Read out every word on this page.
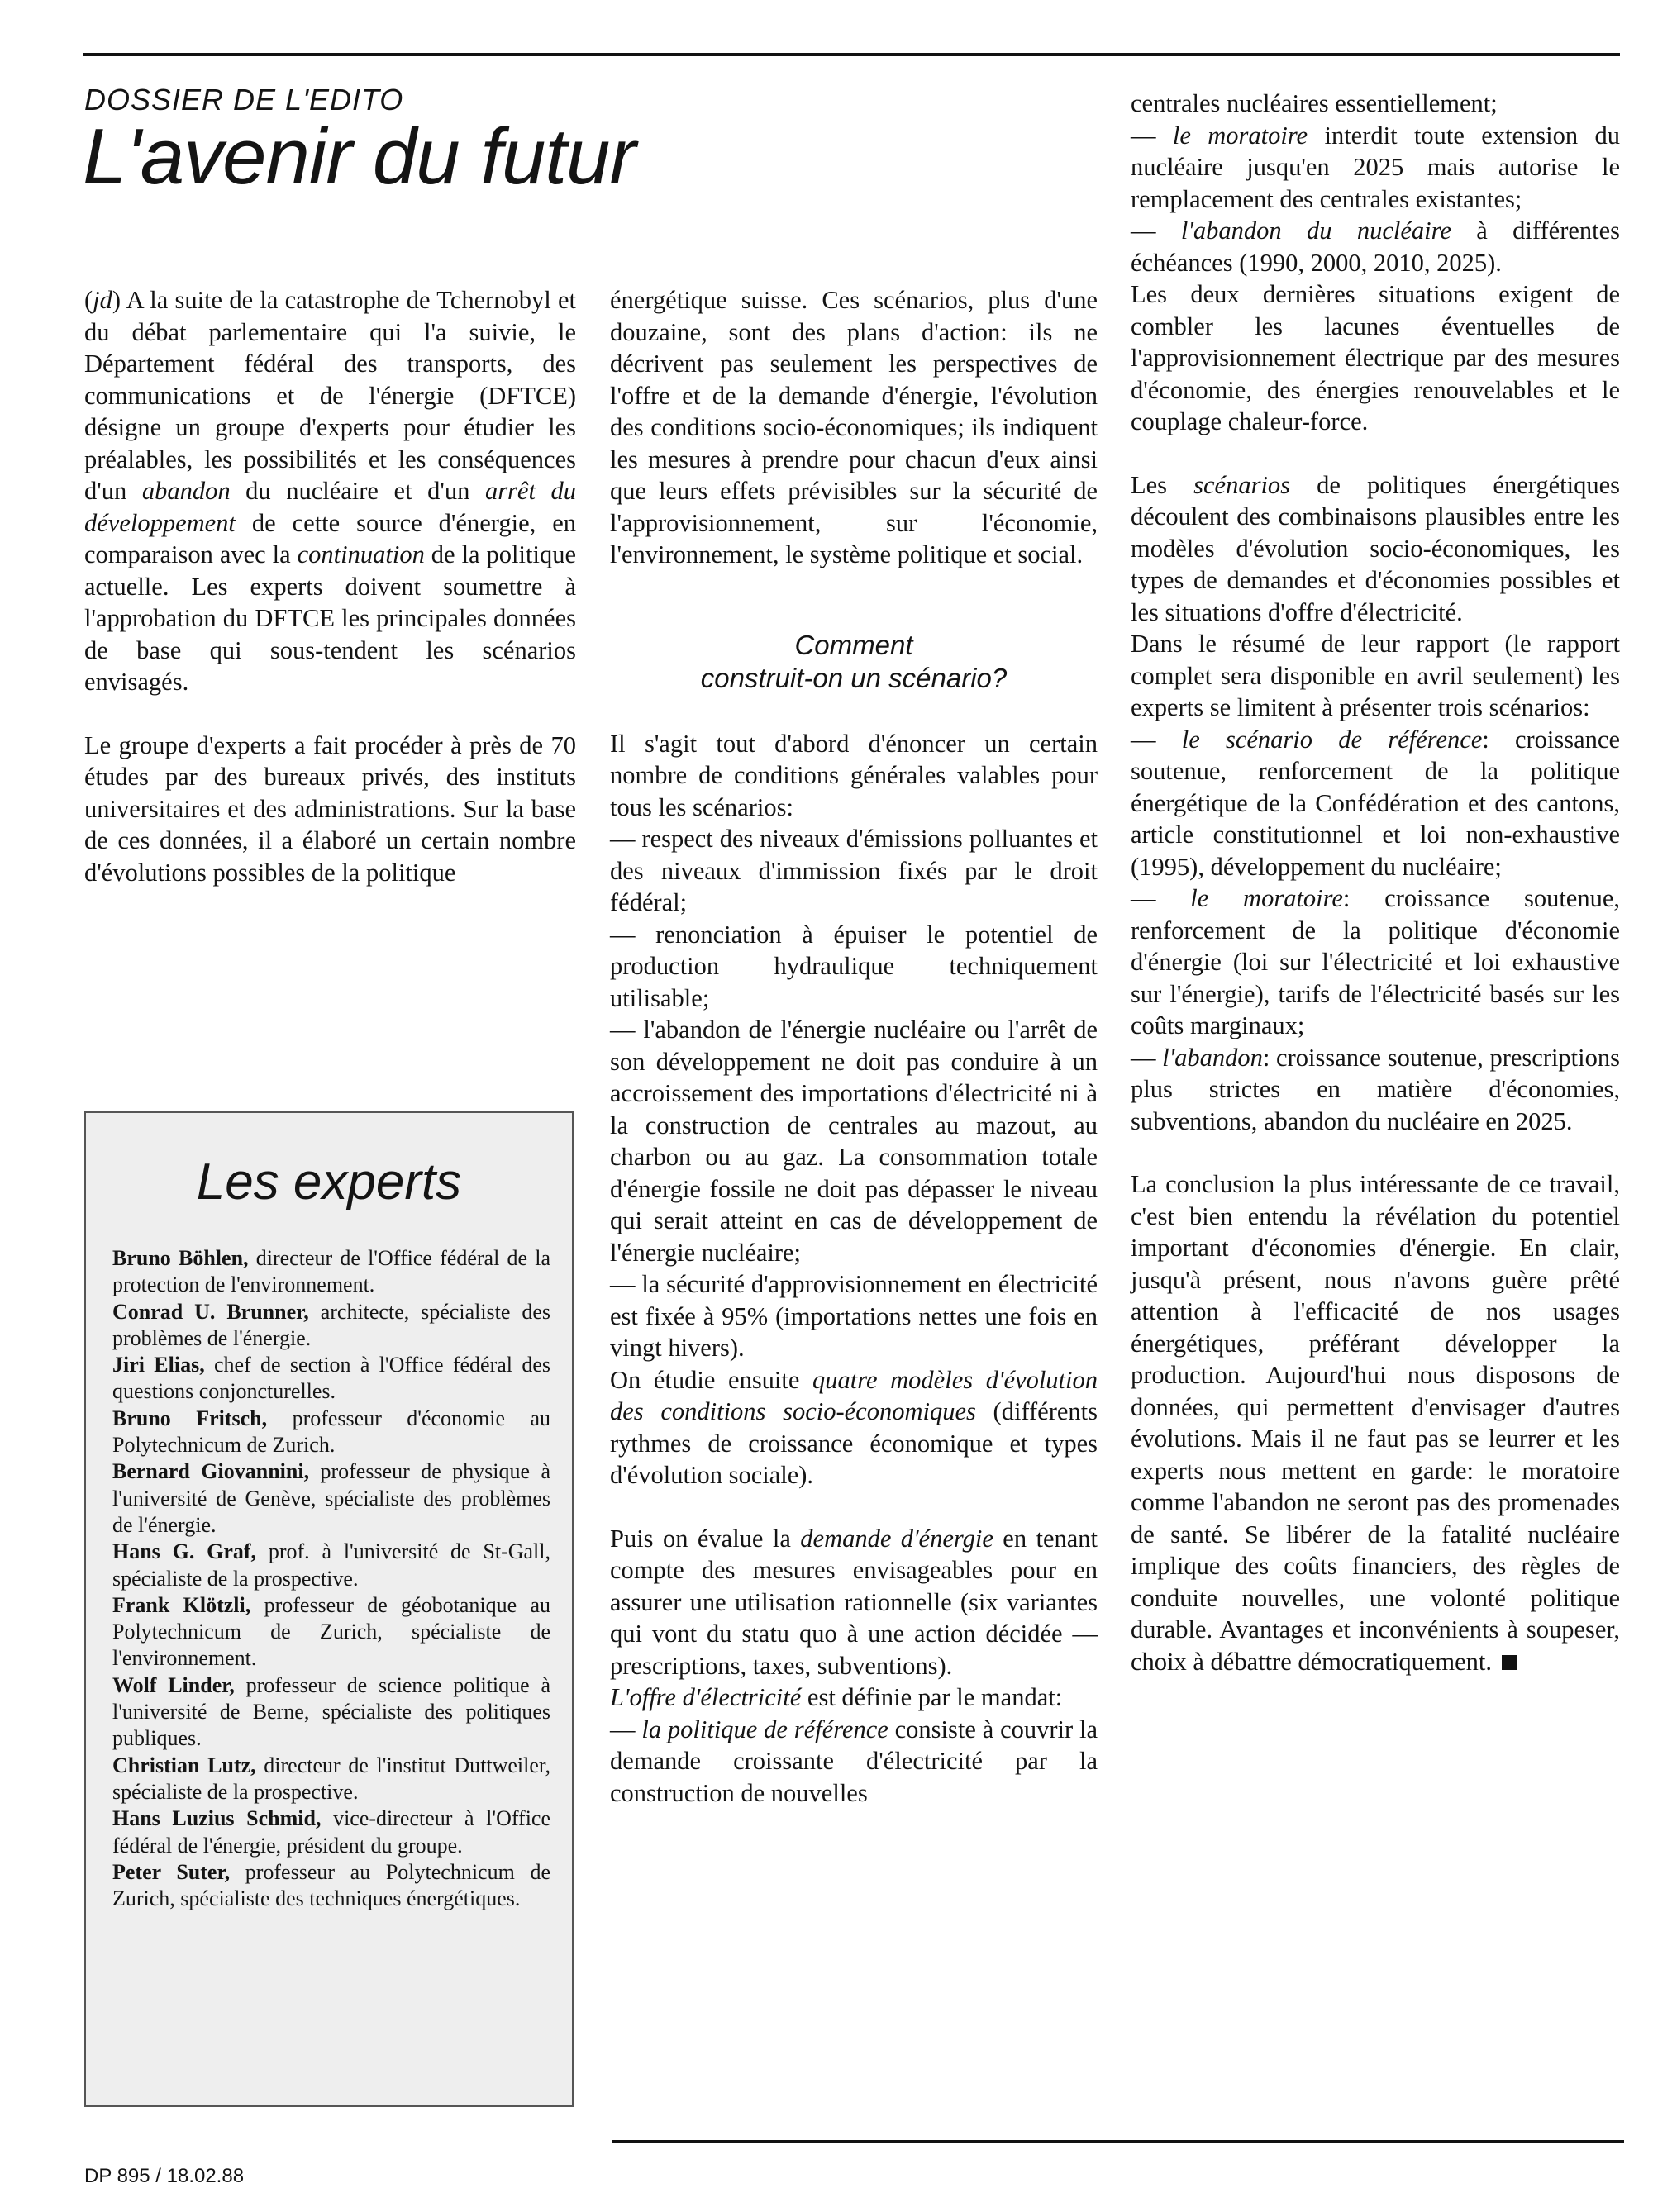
DOSSIER DE L'EDITO
L'avenir du futur

(jd) A la suite de la catastrophe de Tchernobyl et du débat parlementaire qui l'a suivie, le Département fédéral des transports, des communications et de l'énergie (DFTCE) désigne un groupe d'experts pour étudier les préalables, les possibilités et les conséquences d'un abandon du nucléaire et d'un arrêt du développement de cette source d'énergie, en comparaison avec la continuation de la politique actuelle. Les experts doivent soumettre à l'approbation du DFTCE les principales données de base qui sous-tendent les scénarios envisagés.

Le groupe d'experts a fait procéder à près de 70 études par des bureaux privés, des instituts universitaires et des administrations. Sur la base de ces données, il a élaboré un certain nombre d'évolutions possibles de la politique

énergétique suisse. Ces scénarios, plus d'une douzaine, sont des plans d'action: ils ne décrivent pas seulement les perspectives de l'offre et de la demande d'énergie, l'évolution des conditions socio-économiques; ils indiquent les mesures à prendre pour chacun d'eux ainsi que leurs effets prévisibles sur la sécurité de l'approvisionnement, sur l'économie, l'environnement, le système politique et social.

Comment
construit-on un scénario?

Il s'agit tout d'abord d'énoncer un certain nombre de conditions générales valables pour tous les scénarios:

— respect des niveaux d'émissions polluantes et des niveaux d'immission fixés par le droit fédéral;

— renonciation à épuiser le potentiel de production hydraulique techniquement utilisable;

— l'abandon de l'énergie nucléaire ou l'arrêt de son développement ne doit pas conduire à un accroissement des importations d'électricité ni à la construction de centrales au mazout, au charbon ou au gaz. La consommation totale d'énergie fossile ne doit pas dépasser le niveau qui serait atteint en cas de développement de l'énergie nucléaire;

— la sécurité d'approvisionnement en électricité est fixée à 95% (importations nettes une fois en vingt hivers).

On étudie ensuite quatre modèles d'évolution des conditions socio-économiques (différents rythmes de croissance économique et types d'évolution sociale).

Puis on évalue la demande d'énergie en tenant compte des mesures envisageables pour en assurer une utilisation rationnelle (six variantes qui vont du statu quo à une action décidée — prescriptions, taxes, subventions).

L'offre d'électricité est définie par le mandat:

— la politique de référence consiste à couvrir la demande croissante d'électricité par la construction de nouvelles

centrales nucléaires essentiellement;

— le moratoire interdit toute extension du nucléaire jusqu'en 2025 mais autorise le remplacement des centrales existantes;

— l'abandon du nucléaire à différentes échéances (1990, 2000, 2010, 2025).

Les deux dernières situations exigent de combler les lacunes éventuelles de l'approvisionnement électrique par des mesures d'économie, des énergies renouvelables et le couplage chaleur-force.

Les scénarios de politiques énergétiques découlent des combinaisons plausibles entre les modèles d'évolution socio-économiques, les types de demandes et d'économies possibles et les situations d'offre d'électricité.

Dans le résumé de leur rapport (le rapport complet sera disponible en avril seulement) les experts se limitent à présenter trois scénarios:

— le scénario de référence: croissance soutenue, renforcement de la politique énergétique de la Confédération et des cantons, article constitutionnel et loi non-exhaustive (1995), développement du nucléaire;

— le moratoire: croissance soutenue, renforcement de la politique d'économie d'énergie (loi sur l'électricité et loi exhaustive sur l'énergie), tarifs de l'électricité basés sur les coûts marginaux;

— l'abandon: croissance soutenue, prescriptions plus strictes en matière d'économies, subventions, abandon du nucléaire en 2025.

La conclusion la plus intéressante de ce travail, c'est bien entendu la révélation du potentiel important d'économies d'énergie. En clair, jusqu'à présent, nous n'avons guère prêté attention à l'efficacité de nos usages énergétiques, préférant développer la production. Aujourd'hui nous disposons de données, qui permettent d'envisager d'autres évolutions. Mais il ne faut pas se leurrer et les experts nous mettent en garde: le moratoire comme l'abandon ne seront pas des promenades de santé. Se libérer de la fatalité nucléaire implique des coûts financiers, des règles de conduite nouvelles, une volonté politique durable. Avantages et inconvénients à soupeser, choix à débattre démocratiquement.

Les experts

Bruno Böhlen, directeur de l'Office fédéral de la protection de l'environnement.

Conrad U. Brunner, architecte, spécialiste des problèmes de l'énergie.

Jiri Elias, chef de section à l'Office fédéral des questions conjoncturelles.

Bruno Fritsch, professeur d'économie au Polytechnicum de Zurich.

Bernard Giovannini, professeur de physique à l'université de Genève, spécialiste des problèmes de l'énergie.

Hans G. Graf, prof. à l'université de St-Gall, spécialiste de la prospective.

Frank Klötzli, professeur de géobotanique au Polytechnicum de Zurich, spécialiste de l'environnement.

Wolf Linder, professeur de science politique à l'université de Berne, spécialiste des politiques publiques.

Christian Lutz, directeur de l'institut Duttweiler, spécialiste de la prospective.

Hans Luzius Schmid, vice-directeur à l'Office fédéral de l'énergie, président du groupe.

Peter Suter, professeur au Polytechnicum de Zurich, spécialiste des techniques énergétiques.

DP 895 / 18.02.88
